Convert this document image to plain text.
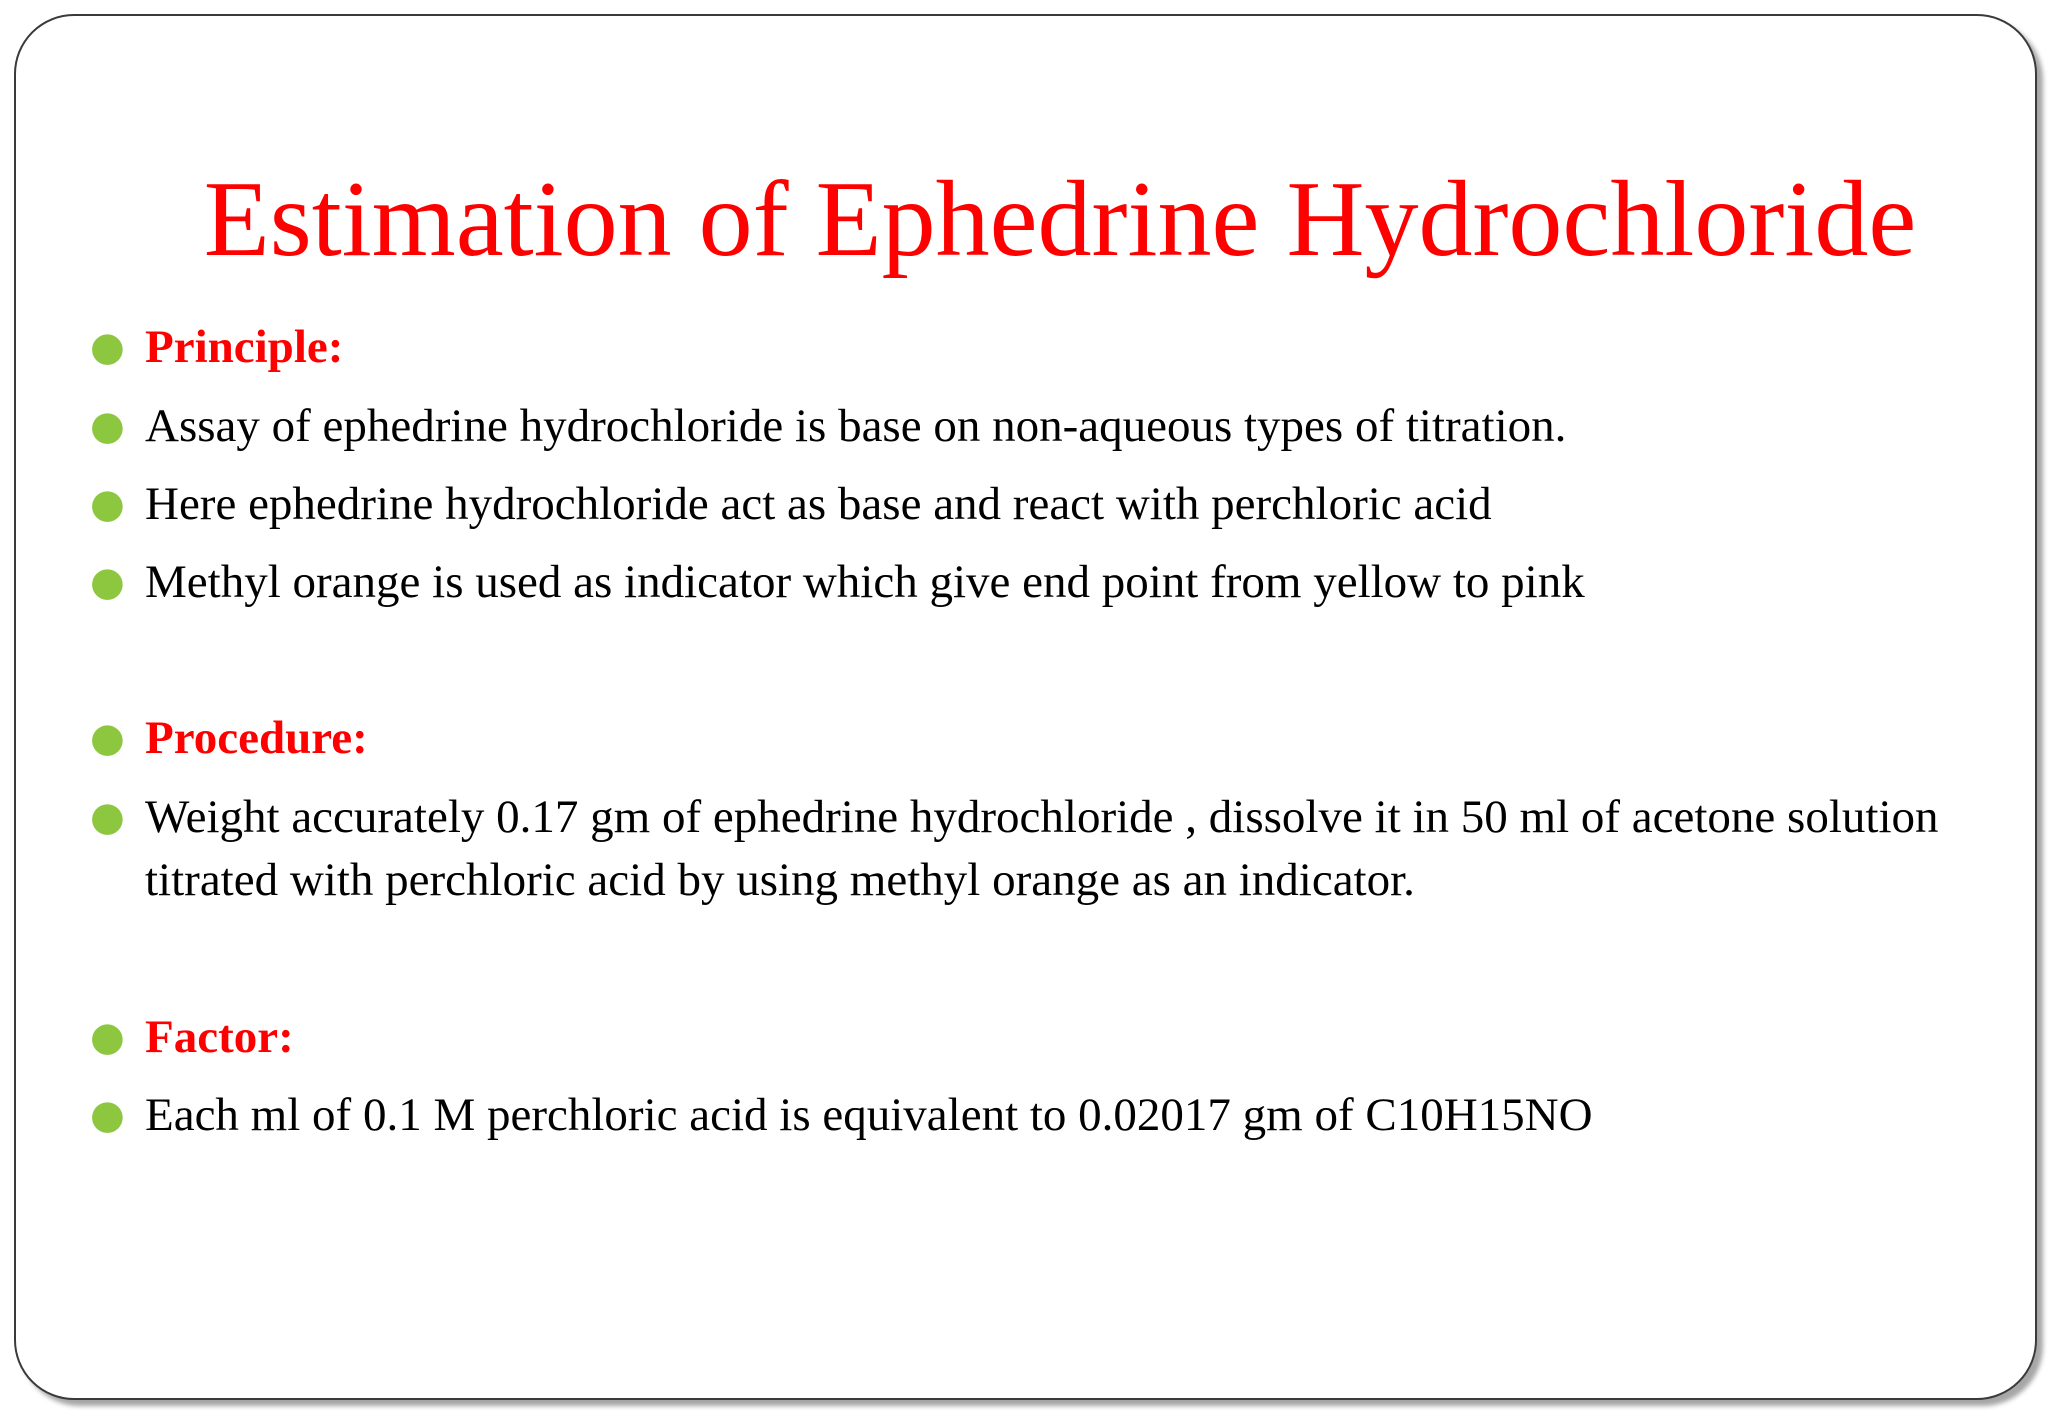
Estimation of Ephedrine Hydrochloride
● Principle:
● Assay of ephedrine hydrochloride is base on non-aqueous types of titration.
● Here ephedrine hydrochloride act as base and react with perchloric acid
● Methyl orange is used as indicator which give end point from yellow to pink
● Procedure:
● Weight accurately 0.17 gm of ephedrine hydrochloride , dissolve it in 50 ml of acetone solution titrated with perchloric acid by using methyl orange as an indicator.
● Factor:
● Each ml of 0.1 M perchloric acid is equivalent to 0.02017 gm of C10H15NO
